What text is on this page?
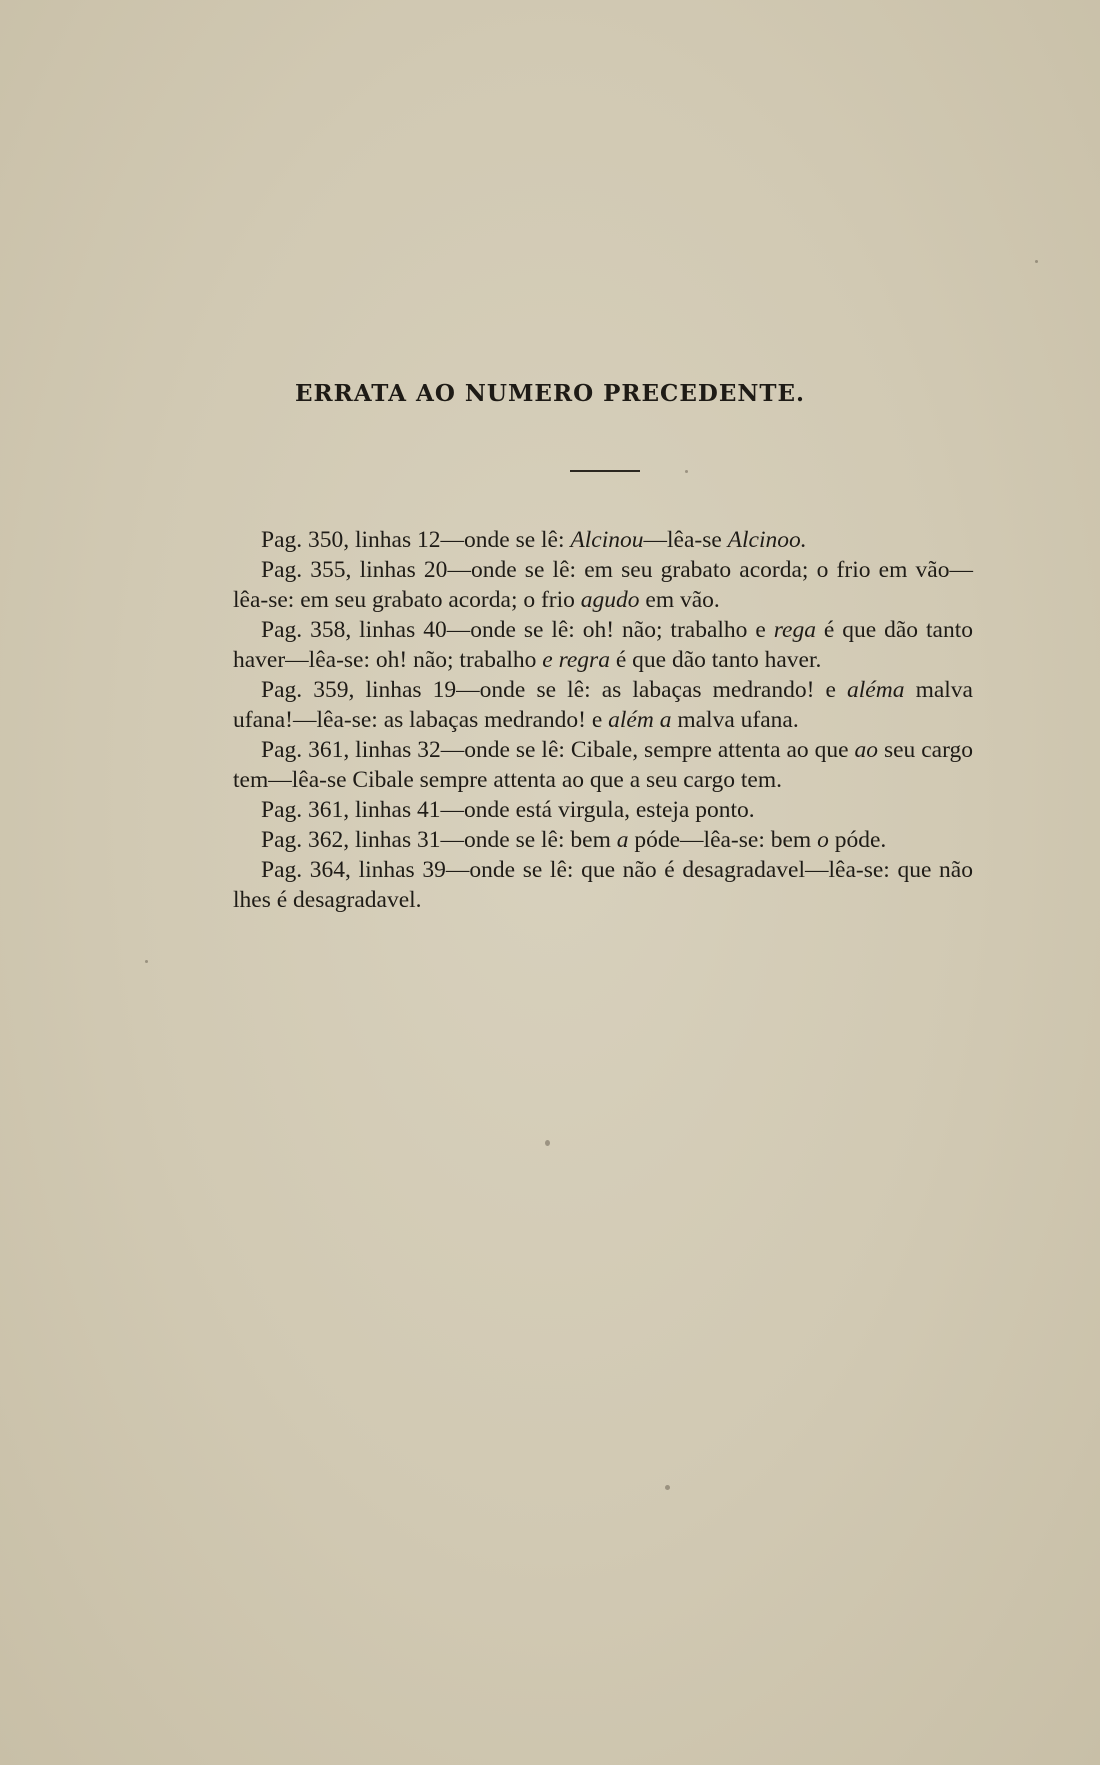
ERRATA AO NUMERO PRECEDENTE.

Pag. 350, linhas 12—onde se lê: Alcinou—lêa-se Alcinoo.

Pag. 355, linhas 20—onde se lê: em seu grabato acorda; o frio em vão—lêa-se: em seu grabato acorda; o frio agudo em vão.

Pag. 358, linhas 40—onde se lê: oh! não; trabalho e rega é que dão tanto haver—lêa-se: oh! não; trabalho e regra é que dão tanto haver.

Pag. 359, linhas 19—onde se lê: as labaças medrando! e aléma malva ufana!—lêa-se: as labaças medrando! e além a malva ufana.

Pag. 361, linhas 32—onde se lê: Cibale, sempre attenta ao que ao seu cargo tem—lêa-se Cibale sempre attenta ao que a seu cargo tem.

Pag. 361, linhas 41—onde está virgula, esteja ponto.

Pag. 362, linhas 31—onde se lê: bem a póde—lêa-se: bem o póde.

Pag. 364, linhas 39—onde se lê: que não é desagradavel—lêa-se: que não lhes é desagradavel.
